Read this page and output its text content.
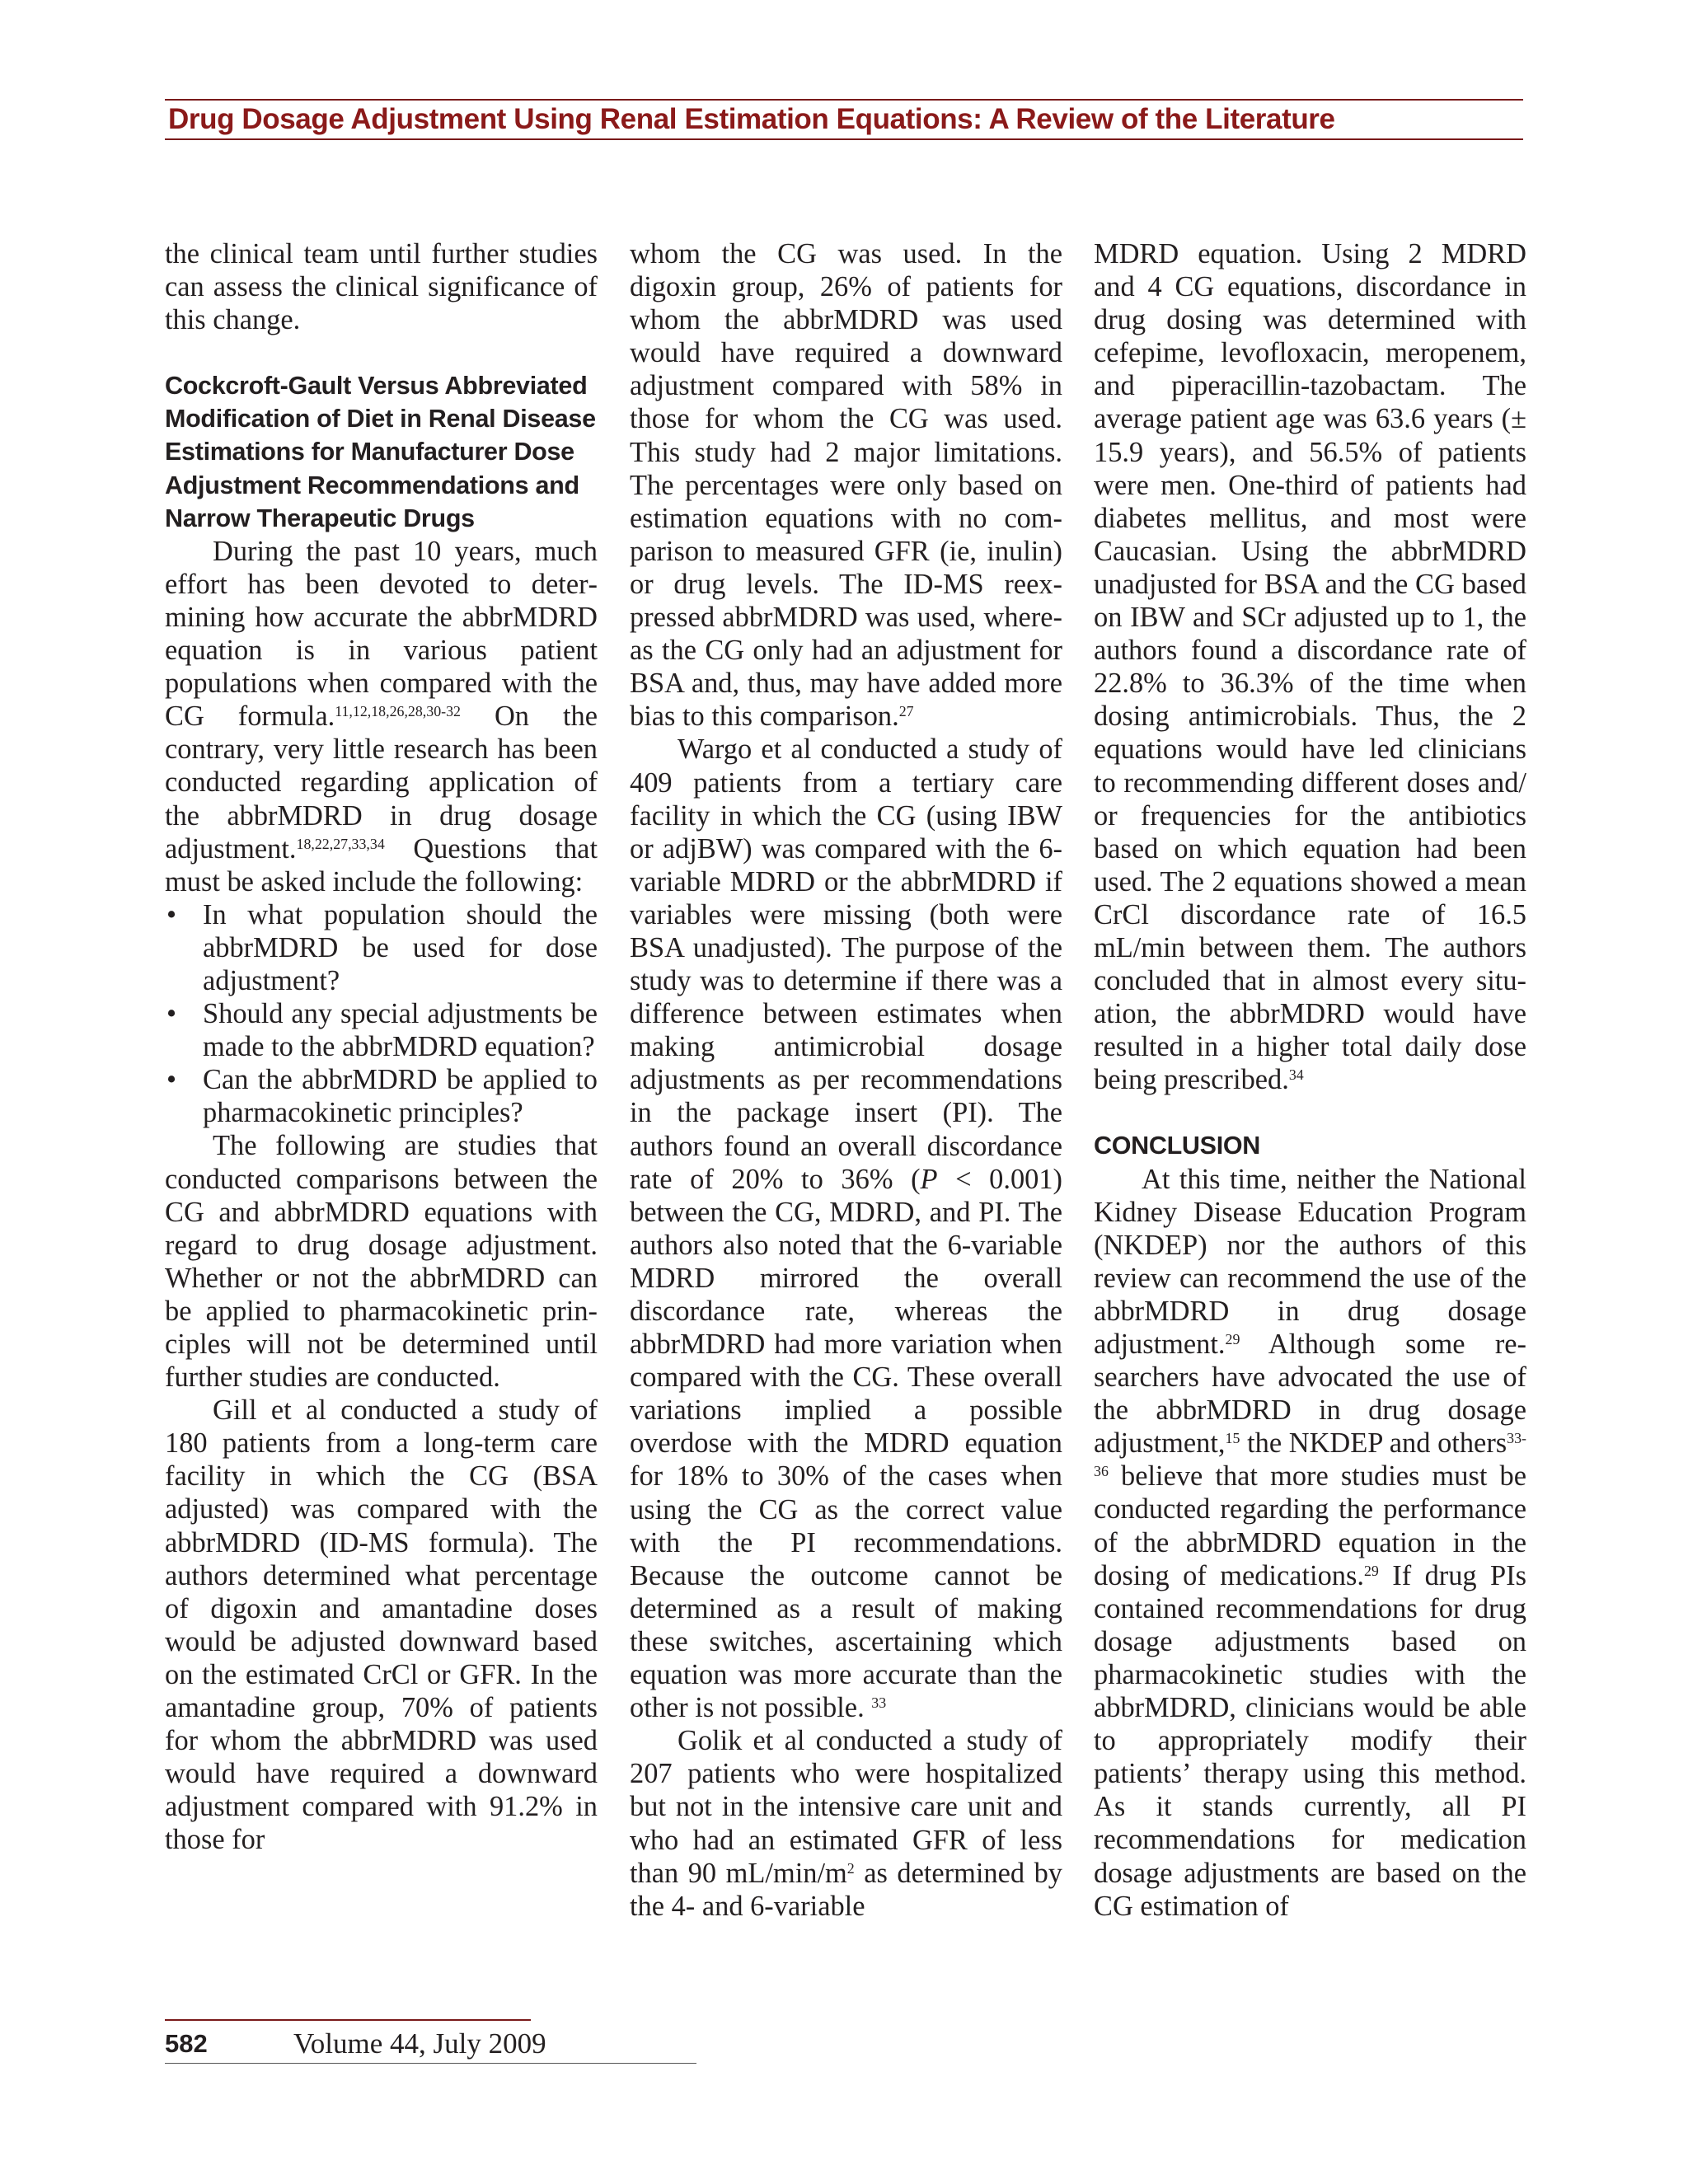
Drug Dosage Adjustment Using Renal Estimation Equations: A Review of the Literature

the clinical team until further studies can assess the clinical significance of this change.

Cockcroft-Gault Versus Abbreviated Modification of Diet in Renal Disease Estimations for Manufacturer Dose Adjustment Recommendations and Narrow Therapeutic Drugs

During the past 10 years, much effort has been devoted to determining how accurate the abbrMDRD equation is in various patient populations when compared with the CG formula.$^{11,12,18,26,28,30-32}$ On the contrary, very little research has been conducted regarding application of the abbrMDRD in drug dosage adjustment.$^{18,22,27,33,34}$ Questions that must be asked include the following:

• In what population should the abbrMDRD be used for dose adjustment?
• Should any special adjustments be made to the abbrMDRD equation?
• Can the abbrMDRD be applied to pharmacokinetic principles?

The following are studies that conducted comparisons between the CG and abbrMDRD equations with regard to drug dosage adjustment. Whether or not the abbrMDRD can be applied to pharmacokinetic principles will not be determined until further studies are conducted.

Gill et al conducted a study of 180 patients from a long-term care facility in which the CG (BSA adjusted) was compared with the abbrMDRD (ID-MS formula). The authors determined what percentage of digoxin and amantadine doses would be adjusted downward based on the estimated CrCl or GFR. In the amantadine group, 70% of patients for whom the abbrMDRD was used would have required a downward adjustment compared with 91.2% in those for

whom the CG was used. In the digoxin group, 26% of patients for whom the abbrMDRD was used would have required a downward adjustment compared with 58% in those for whom the CG was used. This study had 2 major limitations. The percentages were only based on estimation equations with no comparison to measured GFR (ie, inulin) or drug levels. The ID-MS reexpressed abbrMDRD was used, whereas the CG only had an adjustment for BSA and, thus, may have added more bias to this comparison.$^{27}$

Wargo et al conducted a study of 409 patients from a tertiary care facility in which the CG (using IBW or adjBW) was compared with the 6-variable MDRD or the abbrMDRD if variables were missing (both were BSA unadjusted). The purpose of the study was to determine if there was a difference between estimates when making antimicrobial dosage adjustments as per recommendations in the package insert (PI). The authors found an overall discordance rate of 20% to 36% (P < 0.001) between the CG, MDRD, and PI. The authors also noted that the 6-variable MDRD mirrored the overall discordance rate, whereas the abbrMDRD had more variation when compared with the CG. These overall variations implied a possible overdose with the MDRD equation for 18% to 30% of the cases when using the CG as the correct value with the PI recommendations. Because the outcome cannot be determined as a result of making these switches, ascertaining which equation was more accurate than the other is not possible. $^{33}$

Golik et al conducted a study of 207 patients who were hospitalized but not in the intensive care unit and who had an estimated GFR of less than 90 $mL/\min/m^2$ as determined by the 4- and 6-variable

MDRD equation. Using 2 MDRD and 4 CG equations, discordance in drug dosing was determined with cefepime, levofloxacin, meropenem, and piperacillin-tazobactam. The average patient age was 63.6 years (± 15.9 years), and 56.5% of patients were men. One-third of patients had diabetes mellitus, and most were Caucasian. Using the abbrMDRD unadjusted for BSA and the CG based on IBW and SCr adjusted up to 1, the authors found a discordance rate of 22.8% to 36.3% of the time when dosing antimicrobials. Thus, the 2 equations would have led clinicians to recommending different doses and/ or frequencies for the antibiotics based on which equation had been used. The 2 equations showed a mean CrCl discordance rate of 16.5 mL/min between them. The authors concluded that in almost every situation, the abbrMDRD would have resulted in a higher total daily dose being prescribed.$^{34}$

CONCLUSION

At this time, neither the National Kidney Disease Education Program (NKDEP) nor the authors of this review can recommend the use of the abbrMDRD in drug dosage adjustment.$^{29}$ Although some researchers have advocated the use of the abbrMDRD in drug dosage adjustment,$^{15}$ the NKDEP and others$^{33-36}$ believe that more studies must be conducted regarding the performance of the abbrMDRD equation in the dosing of medications.$^{29}$ If drug PIs contained recommendations for drug dosage adjustments based on pharmacokinetic studies with the abbrMDRD, clinicians would be able to appropriately modify their patients’ therapy using this method. As it stands currently, all PI recommendations for medication dosage adjustments are based on the CG estimation of

582	Volume 44, July 2009
